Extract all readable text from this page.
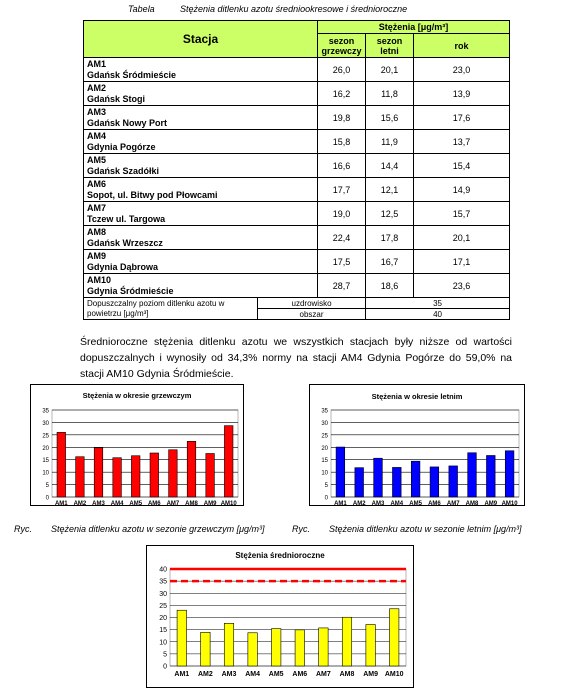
Tabela	Stężenia ditlenku azotu średniookresowe i średnioroczne
Stacja		Stężenia [μg/m³]		
		sezon grzewczy	sezon letni	rok

AM1
Gdańsk Śródmieście		26,0	20,1	23,0

AM2
Gdańsk Stogi		16,2	11,8	13,9

AM3
Gdańsk Nowy Port		19,8	15,6	17,6

AM4
Gdynia Pogórze		15,8	11,9	13,7

AM5
Gdańsk Szadółki		16,6	14,4	15,4

AM6
Sopot, ul. Bitwy pod Płowcami		17,7	12,1	14,9

AM7
Tczew ul. Targowa		19,0	12,5	15,7

AM8
Gdańsk Wrzeszcz		22,4	17,8	20,1

AM9
Gdynia Dąbrowa		17,5	16,7	17,1

AM10
Gdynia Śródmieście		28,7	18,6	23,6
Dopuszczalny poziom ditlenku azotu w powietrzu [μg/m³]	uzdrowisko		35	
	obszar		40	
Średnioroczne stężenia ditlenku azotu we wszystkich stacjach były niższe od wartości dopuszczalnych i wynosiły od 34,3% normy na stacji AM4 Gdynia Pogórze do 59,0% na stacji AM10 Gdynia Śródmieście.
Stężenia w okresie grzewczym
0
5
10
15
20
25
30
35
AM1 AM2 AM3 AM4 AM5 AM6 AM7 AM8 AM9 AM10
Stężenia w okresie letnim
0
5
10
15
20
25
30
35
AM1 AM2 AM3 AM4 AM5 AM6 AM7 AM8 AM9 AM10
Ryc. Stężenia ditlenku azotu w sezonie grzewczym [μg/m³]	Ryc. Stężenia ditlenku azotu w sezonie letnim [μg/m³]
Stężenia średnioroczne
0
5
10
15
20
25
30
35
40
AM1 AM2 AM3 AM4 AM5 AM6 AM7 AM8 AM9 AM10
